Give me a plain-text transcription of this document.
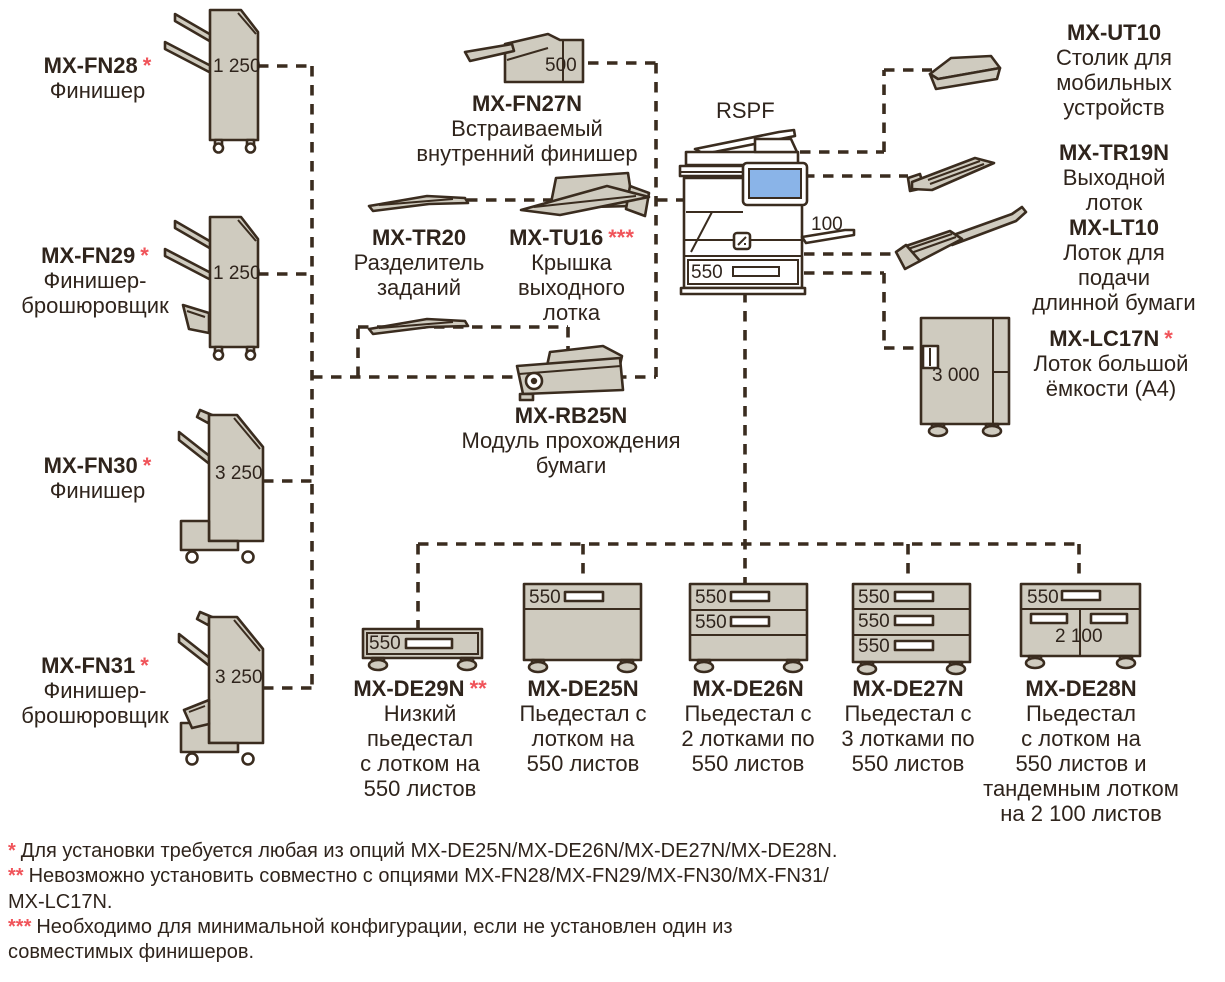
MX-FN28 *
Финишер
1 250
MX-FN29 *
Финишер-
брошюровщик
1 250
MX-FN30 *
Финишер
3 250
MX-FN31 *
Финишер-
брошюровщик
3 250
MX-FN27N
Встраиваемый
внутренний финишер
500
MX-TR20
Разделитель
заданий
MX-TU16 ***
Крышка
выходного
лотка
MX-RB25N
Модуль прохождения
бумаги
RSPF
100
550
MX-UT10
Столик для
мобильных
устройств
MX-TR19N
Выходной
лоток
MX-LT10
Лоток для подачи
длинной бумаги
MX-LC17N *
Лоток большой
ёмкости (A4)
3 000
550
550	550
550
550
550
550
550
2 100
MX-DE29N **
Низкий
пьедестал
с лотком на
550 листов
MX-DE25N
Пьедестал с
лотком на
550 листов
MX-DE26N
Пьедестал с
2 лотками по
550 листов
MX-DE27N
Пьедестал с
3 лотками по
550 листов
MX-DE28N
Пьедестал
с лотком на
550 листов и
тандемным лотком
на 2 100 листов
* Для установки требуется любая из опций MX-DE25N/MX-DE26N/MX-DE27N/MX-DE28N.
** Невозможно установить совместно с опциями MX-FN28/MX-FN29/MX-FN30/MX-FN31/
MX-LC17N.
*** Необходимо для минимальной конфигурации, если не установлен один из
совместимых финишеров.
